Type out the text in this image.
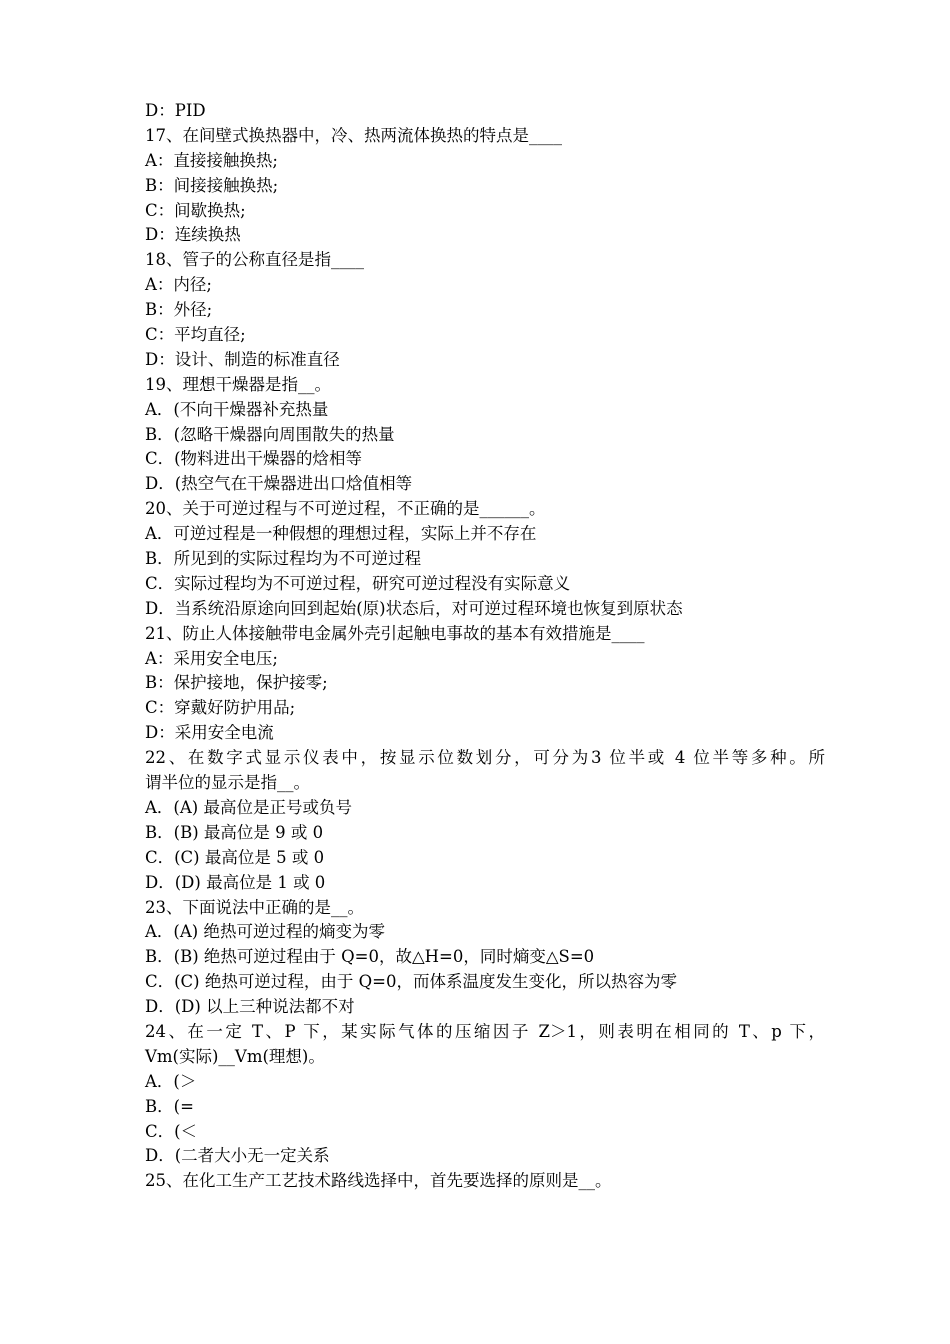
D：PID
17、在间壁式换热器中，冷、热两流体换热的特点是____
A：直接接触换热;
B：间接接触换热;
C：间歇换热;
D：连续换热
18、管子的公称直径是指____
A：内径;
B：外径;
C：平均直径;
D：设计、制造的标准直径
19、理想干燥器是指__。
A．(不向干燥器补充热量
B．(忽略干燥器向周围散失的热量
C．(物料进出干燥器的焓相等
D．(热空气在干燥器进出口焓值相等
20、关于可逆过程与不可逆过程，不正确的是______。
A．可逆过程是一种假想的理想过程，实际上并不存在
B．所见到的实际过程均为不可逆过程
C．实际过程均为不可逆过程，研究可逆过程没有实际意义
D．当系统沿原途向回到起始(原)状态后，对可逆过程环境也恢复到原状态
21、防止人体接触带电金属外壳引起触电事故的基本有效措施是____
A：采用安全电压;
B：保护接地，保护接零;
C：穿戴好防护用品;
D：采用安全电流
22、在数字式显示仪表中，按显示位数划分，可分为3 位半或 4 位半等多种。所
谓半位的显示是指__。
A．(A) 最高位是正号或负号
B．(B) 最高位是 9 或 0
C．(C) 最高位是 5 或 0
D．(D) 最高位是 1 或 0
23、下面说法中正确的是__。
A．(A) 绝热可逆过程的熵变为零
B．(B) 绝热可逆过程由于 Q=0，故△H=0，同时熵变△S=0
C．(C) 绝热可逆过程，由于 Q=0，而体系温度发生变化，所以热容为零
D．(D) 以上三种说法都不对
24、在一定 T、P 下，某实际气体的压缩因子 Z＞1，则表明在相同的 T、p 下，
Vm(实际)__Vm(理想)。
A．(＞
B．(=
C．(＜
D．(二者大小无一定关系
25、在化工生产工艺技术路线选择中，首先要选择的原则是__。
